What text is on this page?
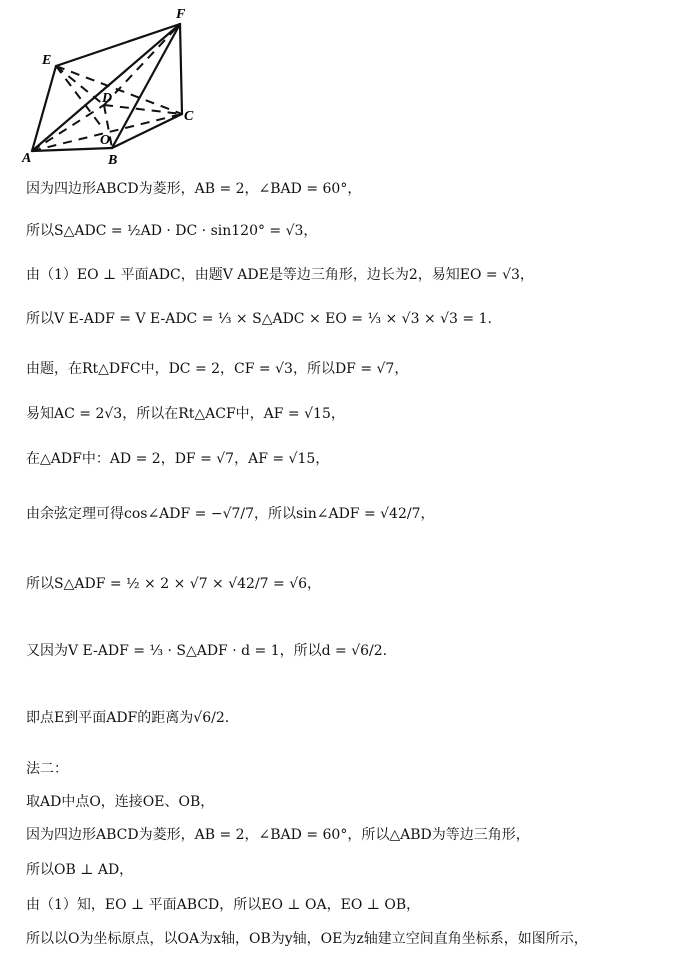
F
E
D
C
A	B
O
因为四边形ABCD为菱形，AB = 2，∠BAD = 60°，
所以S△ADC = ½AD · DC · sin120° = √3，
由（1）EO ⊥ 平面ADC，由题V ADE是等边三角形，边长为2，易知EO = √3，
所以V E-ADF = V E-ADC = ⅓ × S△ADC × EO = ⅓ × √3 × √3 = 1.
由题，在Rt△DFC中，DC = 2，CF = √3，所以DF = √7，
易知AC = 2√3，所以在Rt△ACF中，AF = √15，
在△ADF中：AD = 2，DF = √7，AF = √15，
由余弦定理可得cos∠ADF = −√7/7，所以sin∠ADF = √42/7，
所以S△ADF = ½ × 2 × √7 × √42/7 = √6，
又因为V E-ADF = ⅓ · S△ADF · d = 1，所以d = √6/2.
即点E到平面ADF的距离为√6/2.
法二：
取AD中点O，连接OE、OB，
因为四边形ABCD为菱形，AB = 2，∠BAD = 60°，所以△ABD为等边三角形，
所以OB ⊥ AD，
由（1）知，EO ⊥ 平面ABCD，所以EO ⊥ OA，EO ⊥ OB，
所以以O为坐标原点，以OA为x轴，OB为y轴，OE为z轴建立空间直角坐标系，如图所示，
